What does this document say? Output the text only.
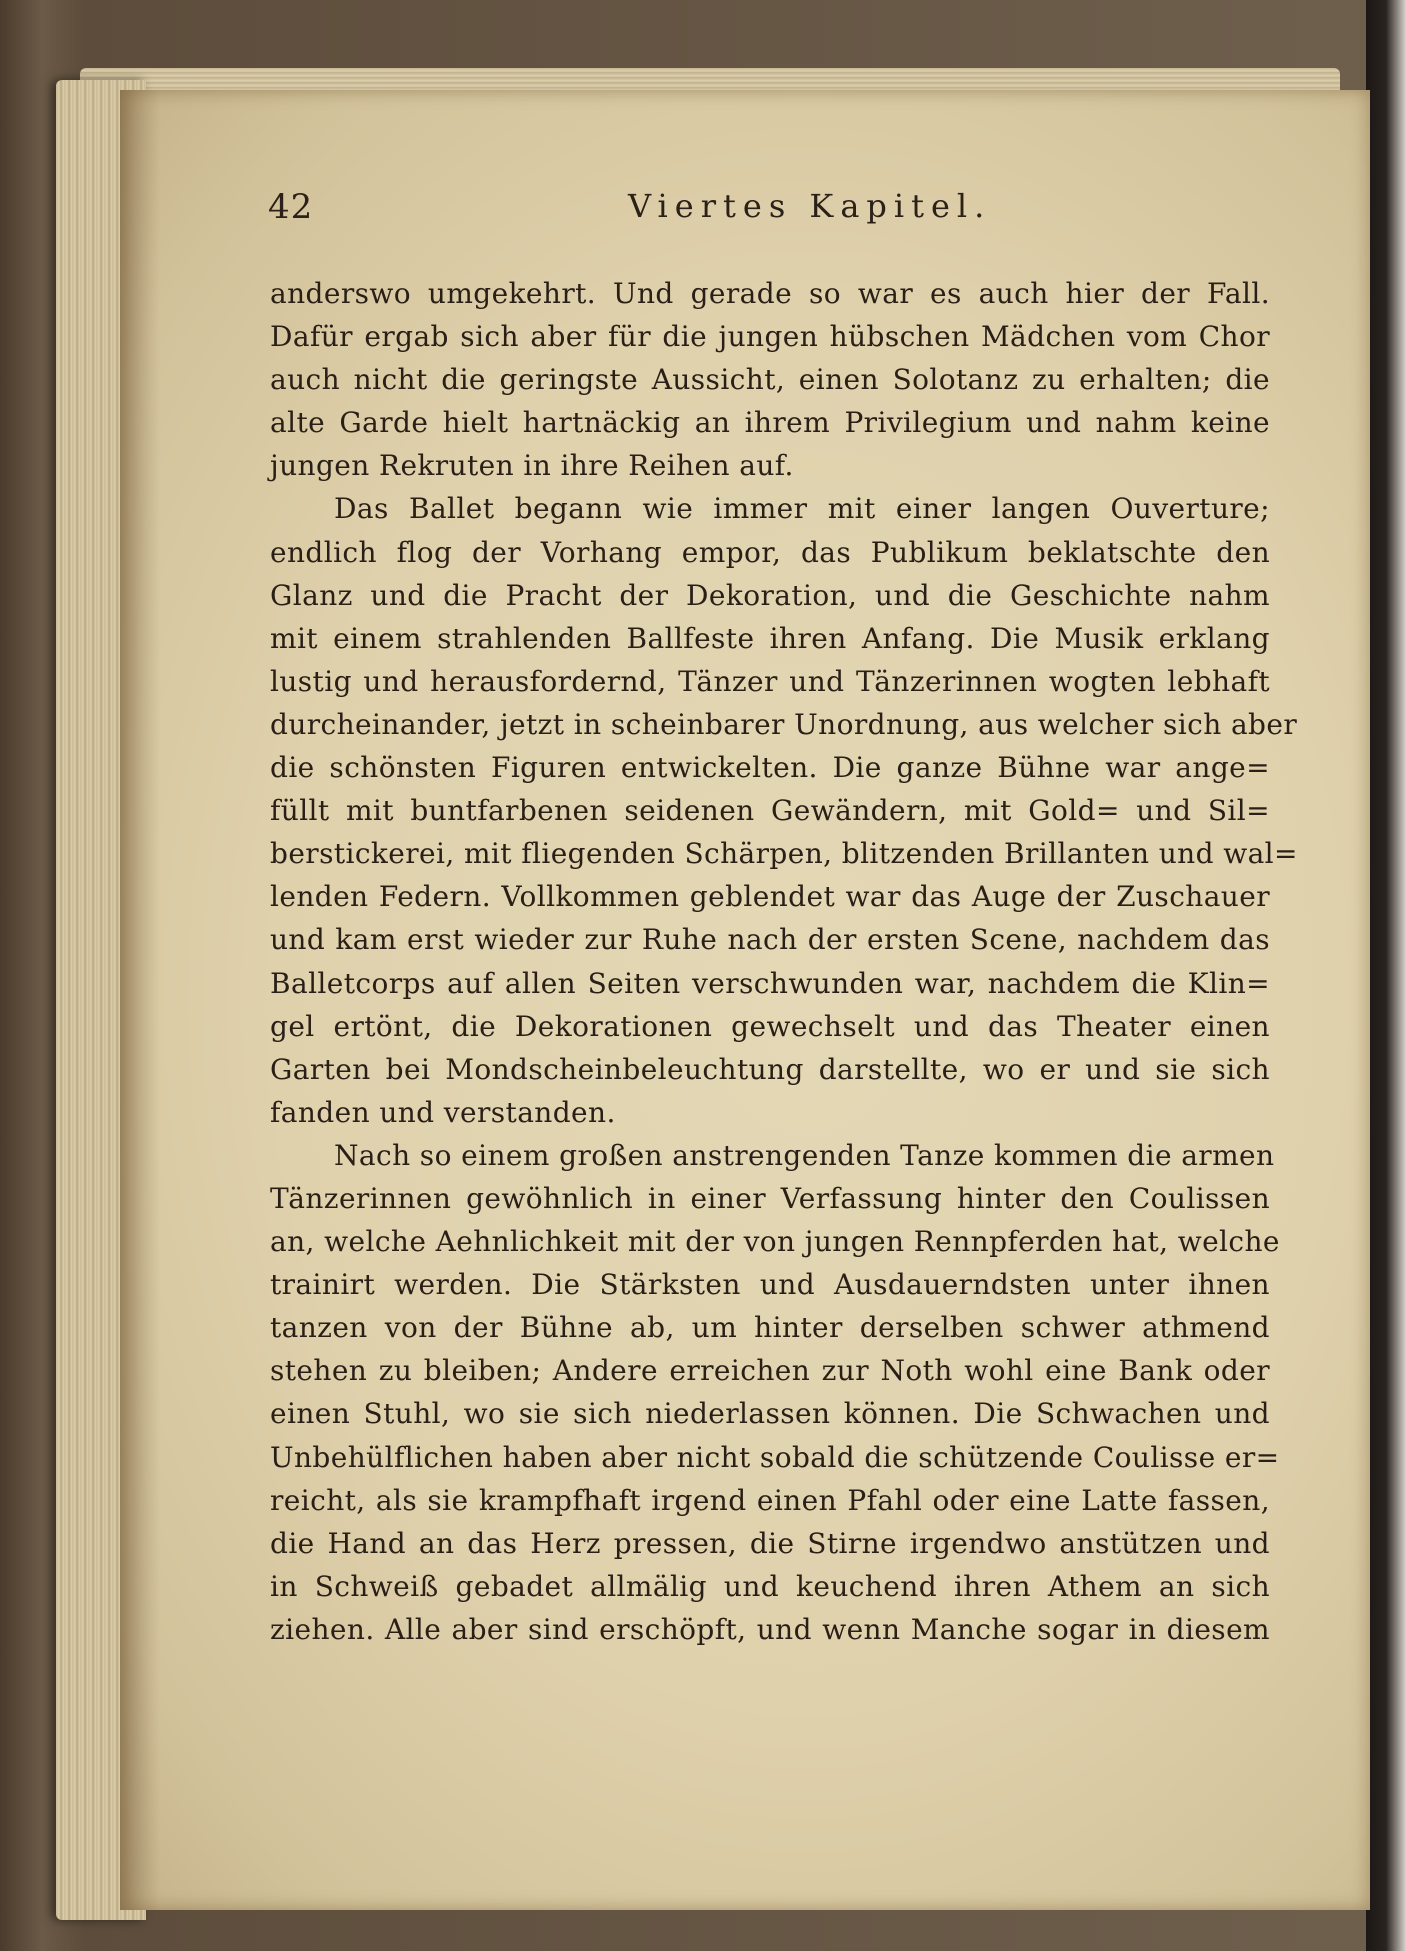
42	Viertes Kapitel.
anderswo umgekehrt. Und gerade so war es auch hier der Fall.
Dafür ergab sich aber für die jungen hübschen Mädchen vom Chor
auch nicht die geringste Aussicht, einen Solotanz zu erhalten; die
alte Garde hielt hartnäckig an ihrem Privilegium und nahm keine
jungen Rekruten in ihre Reihen auf.
Das Ballet begann wie immer mit einer langen Ouverture;
endlich flog der Vorhang empor, das Publikum beklatschte den
Glanz und die Pracht der Dekoration, und die Geschichte nahm
mit einem strahlenden Ballfeste ihren Anfang. Die Musik erklang
lustig und herausfordernd, Tänzer und Tänzerinnen wogten lebhaft
durcheinander, jetzt in scheinbarer Unordnung, aus welcher sich aber
die schönsten Figuren entwickelten. Die ganze Bühne war ange=
füllt mit buntfarbenen seidenen Gewändern, mit Gold= und Sil=
berstickerei, mit fliegenden Schärpen, blitzenden Brillanten und wal=
lenden Federn. Vollkommen geblendet war das Auge der Zuschauer
und kam erst wieder zur Ruhe nach der ersten Scene, nachdem das
Balletcorps auf allen Seiten verschwunden war, nachdem die Klin=
gel ertönt, die Dekorationen gewechselt und das Theater einen
Garten bei Mondscheinbeleuchtung darstellte, wo er und sie sich
fanden und verstanden.
Nach so einem großen anstrengenden Tanze kommen die armen
Tänzerinnen gewöhnlich in einer Verfassung hinter den Coulissen
an, welche Aehnlichkeit mit der von jungen Rennpferden hat, welche
trainirt werden. Die Stärksten und Ausdauerndsten unter ihnen
tanzen von der Bühne ab, um hinter derselben schwer athmend
stehen zu bleiben; Andere erreichen zur Noth wohl eine Bank oder
einen Stuhl, wo sie sich niederlassen können. Die Schwachen und
Unbehülflichen haben aber nicht sobald die schützende Coulisse er=
reicht, als sie krampfhaft irgend einen Pfahl oder eine Latte fassen,
die Hand an das Herz pressen, die Stirne irgendwo anstützen und
in Schweiß gebadet allmälig und keuchend ihren Athem an sich
ziehen. Alle aber sind erschöpft, und wenn Manche sogar in diesem
